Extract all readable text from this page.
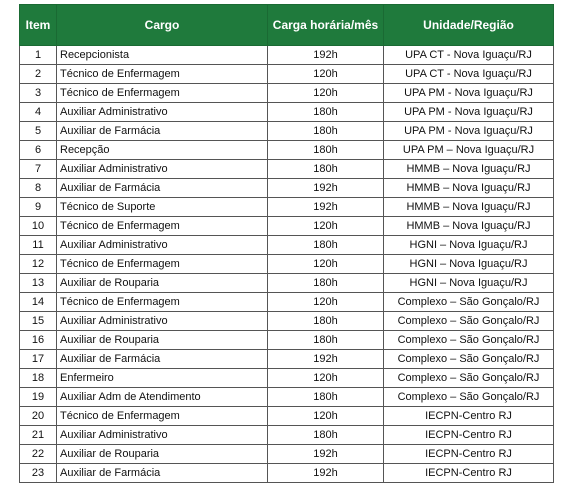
Item	Cargo	Carga horária/mês	Unidade/Região
1	Recepcionista	192h	UPA CT - Nova Iguaçu/RJ
2	Técnico de Enfermagem	120h	UPA CT - Nova Iguaçu/RJ
3	Técnico de Enfermagem	120h	UPA PM - Nova Iguaçu/RJ
4	Auxiliar Administrativo	180h	UPA PM - Nova Iguaçu/RJ
5	Auxiliar de Farmácia	180h	UPA PM - Nova Iguaçu/RJ
6	Recepção	180h	UPA PM – Nova Iguaçu/RJ
7	Auxiliar Administrativo	180h	HMMB – Nova Iguaçu/RJ
8	Auxiliar de Farmácia	192h	HMMB – Nova Iguaçu/RJ
9	Técnico de Suporte	192h	HMMB – Nova Iguaçu/RJ
10	Técnico de Enfermagem	120h	HMMB – Nova Iguaçu/RJ
11	Auxiliar Administrativo	180h	HGNI – Nova Iguaçu/RJ
12	Técnico de Enfermagem	120h	HGNI – Nova Iguaçu/RJ
13	Auxiliar de Rouparia	180h	HGNI – Nova Iguaçu/RJ
14	Técnico de Enfermagem	120h	Complexo – São Gonçalo/RJ
15	Auxiliar Administrativo	180h	Complexo – São Gonçalo/RJ
16	Auxiliar de Rouparia	180h	Complexo – São Gonçalo/RJ
17	Auxiliar de Farmácia	192h	Complexo – São Gonçalo/RJ
18	Enfermeiro	120h	Complexo – São Gonçalo/RJ
19	Auxiliar Adm de Atendimento	180h	Complexo – São Gonçalo/RJ
20	Técnico de Enfermagem	120h	IECPN-Centro RJ
21	Auxiliar Administrativo	180h	IECPN-Centro RJ
22	Auxiliar de Rouparia	192h	IECPN-Centro RJ
23	Auxiliar de Farmácia	192h	IECPN-Centro RJ
